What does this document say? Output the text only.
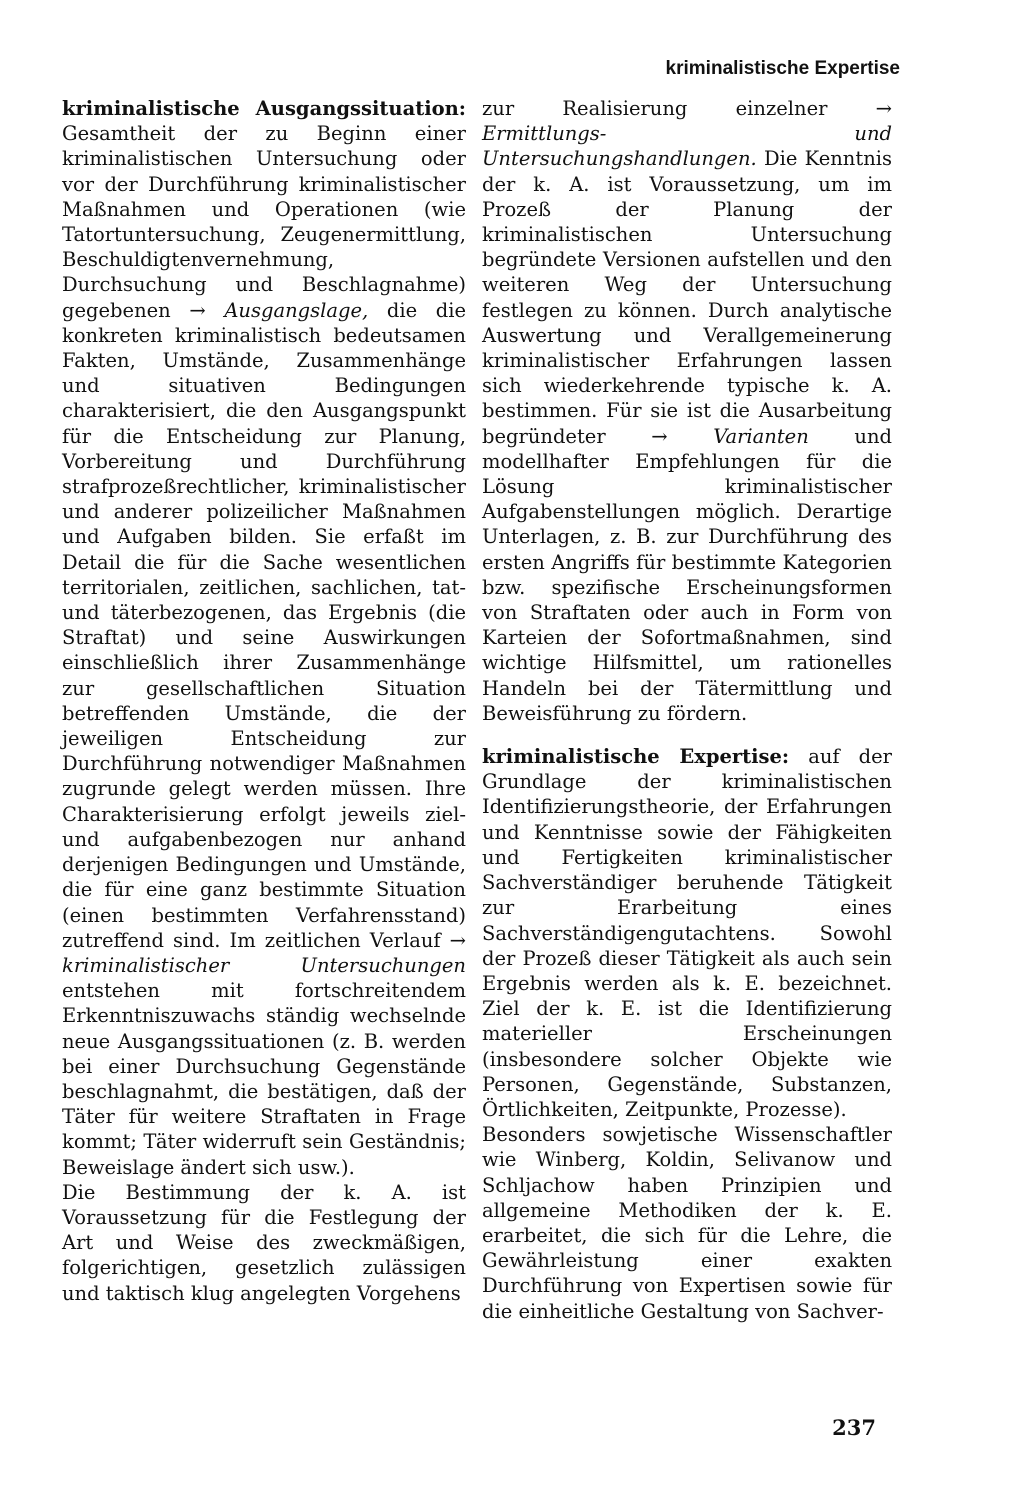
kriminalistische Expertise

kriminalistische Ausgangssituation: Gesamtheit der zu Beginn einer kriminalistischen Untersuchung oder vor der Durchführung kriminalistischer Maßnahmen und Operationen (wie Tatortuntersuchung, Zeugenermittlung, Beschuldigtenvernehmung, Durchsuchung und Beschlagnahme) gegebenen → Ausgangslage, die die konkreten kriminalistisch bedeutsamen Fakten, Umstände, Zusammenhänge und situativen Bedingungen charakterisiert, die den Ausgangspunkt für die Entscheidung zur Planung, Vorbereitung und Durchführung strafprozeßrechtlicher, kriminalistischer und anderer polizeilicher Maßnahmen und Aufgaben bilden. Sie erfaßt im Detail die für die Sache wesentlichen territorialen, zeitlichen, sachlichen, tat- und täterbezogenen, das Ergebnis (die Straftat) und seine Auswirkungen einschließlich ihrer Zusammenhänge zur gesellschaftlichen Situation betreffenden Umstände, die der jeweiligen Entscheidung zur Durchführung notwendiger Maßnahmen zugrunde gelegt werden müssen. Ihre Charakterisierung erfolgt jeweils ziel- und aufgabenbezogen nur anhand derjenigen Bedingungen und Umstände, die für eine ganz bestimmte Situation (einen bestimmten Verfahrensstand) zutreffend sind. Im zeitlichen Verlauf → kriminalistischer Untersuchungen entstehen mit fortschreitendem Erkenntniszuwachs ständig wechselnde neue Ausgangssituationen (z. B. werden bei einer Durchsuchung Gegenstände beschlagnahmt, die bestätigen, daß der Täter für weitere Straftaten in Frage kommt; Täter widerruft sein Geständnis; Beweislage ändert sich usw.).

Die Bestimmung der k. A. ist Voraussetzung für die Festlegung der Art und Weise des zweckmäßigen, folgerichtigen, gesetzlich zulässigen und taktisch klug angelegten Vorgehens

zur Realisierung einzelner → Ermittlungs- und Untersuchungshandlungen. Die Kenntnis der k. A. ist Voraussetzung, um im Prozeß der Planung der kriminalistischen Untersuchung begründete Versionen aufstellen und den weiteren Weg der Untersuchung festlegen zu können. Durch analytische Auswertung und Verallgemeinerung kriminalistischer Erfahrungen lassen sich wiederkehrende typische k. A. bestimmen. Für sie ist die Ausarbeitung begründeter → Varianten und modellhafter Empfehlungen für die Lösung kriminalistischer Aufgabenstellungen möglich. Derartige Unterlagen, z. B. zur Durchführung des ersten Angriffs für bestimmte Kategorien bzw. spezifische Erscheinungsformen von Straftaten oder auch in Form von Karteien der Sofortmaßnahmen, sind wichtige Hilfsmittel, um rationelles Handeln bei der Tätermittlung und Beweisführung zu fördern.

kriminalistische Expertise: auf der Grundlage der kriminalistischen Identifizierungstheorie, der Erfahrungen und Kenntnisse sowie der Fähigkeiten und Fertigkeiten kriminalistischer Sachverständiger beruhende Tätigkeit zur Erarbeitung eines Sachverständigengutachtens. Sowohl der Prozeß dieser Tätigkeit als auch sein Ergebnis werden als k. E. bezeichnet. Ziel der k. E. ist die Identifizierung materieller Erscheinungen (insbesondere solcher Objekte wie Personen, Gegenstände, Substanzen, Örtlichkeiten, Zeitpunkte, Prozesse).

Besonders sowjetische Wissenschaftler wie Winberg, Koldin, Selivanow und Schljachow haben Prinzipien und allgemeine Methodiken der k. E. erarbeitet, die sich für die Lehre, die Gewährleistung einer exakten Durchführung von Expertisen sowie für die einheitliche Gestaltung von Sachver-

237
